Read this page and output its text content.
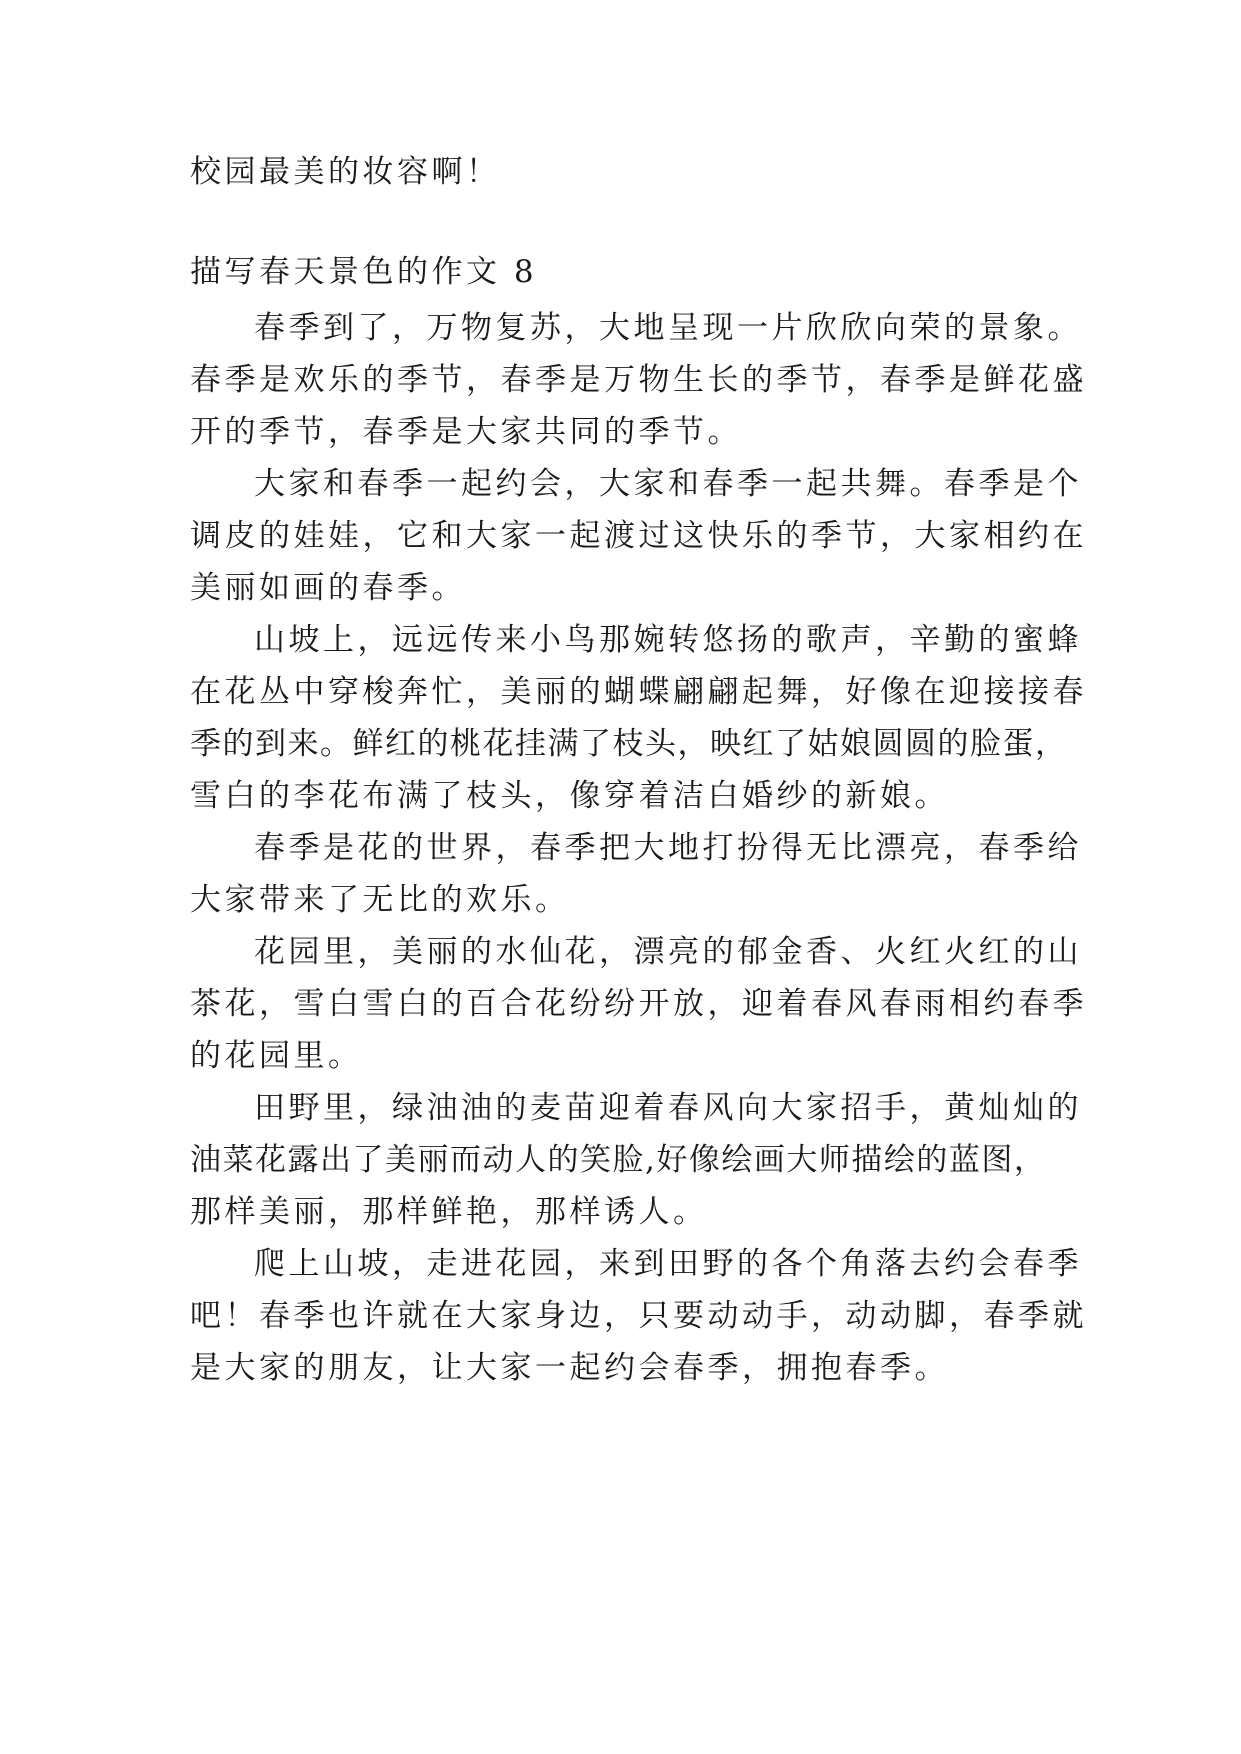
校园最美的妆容啊！
描写春天景色的作文 8
春季到了，万物复苏，大地呈现一片欣欣向荣的景象。
春季是欢乐的季节，春季是万物生长的季节，春季是鲜花盛
开的季节，春季是大家共同的季节。
大家和春季一起约会，大家和春季一起共舞。春季是个
调皮的娃娃，它和大家一起渡过这快乐的季节，大家相约在
美丽如画的春季。
山坡上，远远传来小鸟那婉转悠扬的歌声，辛勤的蜜蜂
在花丛中穿梭奔忙，美丽的蝴蝶翩翩起舞，好像在迎接接春
季的到来。鲜红的桃花挂满了枝头，映红了姑娘圆圆的脸蛋，
雪白的李花布满了枝头，像穿着洁白婚纱的新娘。
春季是花的世界，春季把大地打扮得无比漂亮，春季给
大家带来了无比的欢乐。
花园里，美丽的水仙花，漂亮的郁金香、火红火红的山
茶花，雪白雪白的百合花纷纷开放，迎着春风春雨相约春季
的花园里。
田野里，绿油油的麦苗迎着春风向大家招手，黄灿灿的
油菜花露出了美丽而动人的笑脸,好像绘画大师描绘的蓝图，
那样美丽，那样鲜艳，那样诱人。
爬上山坡，走进花园，来到田野的各个角落去约会春季
吧！春季也许就在大家身边，只要动动手，动动脚，春季就
是大家的朋友，让大家一起约会春季，拥抱春季。
